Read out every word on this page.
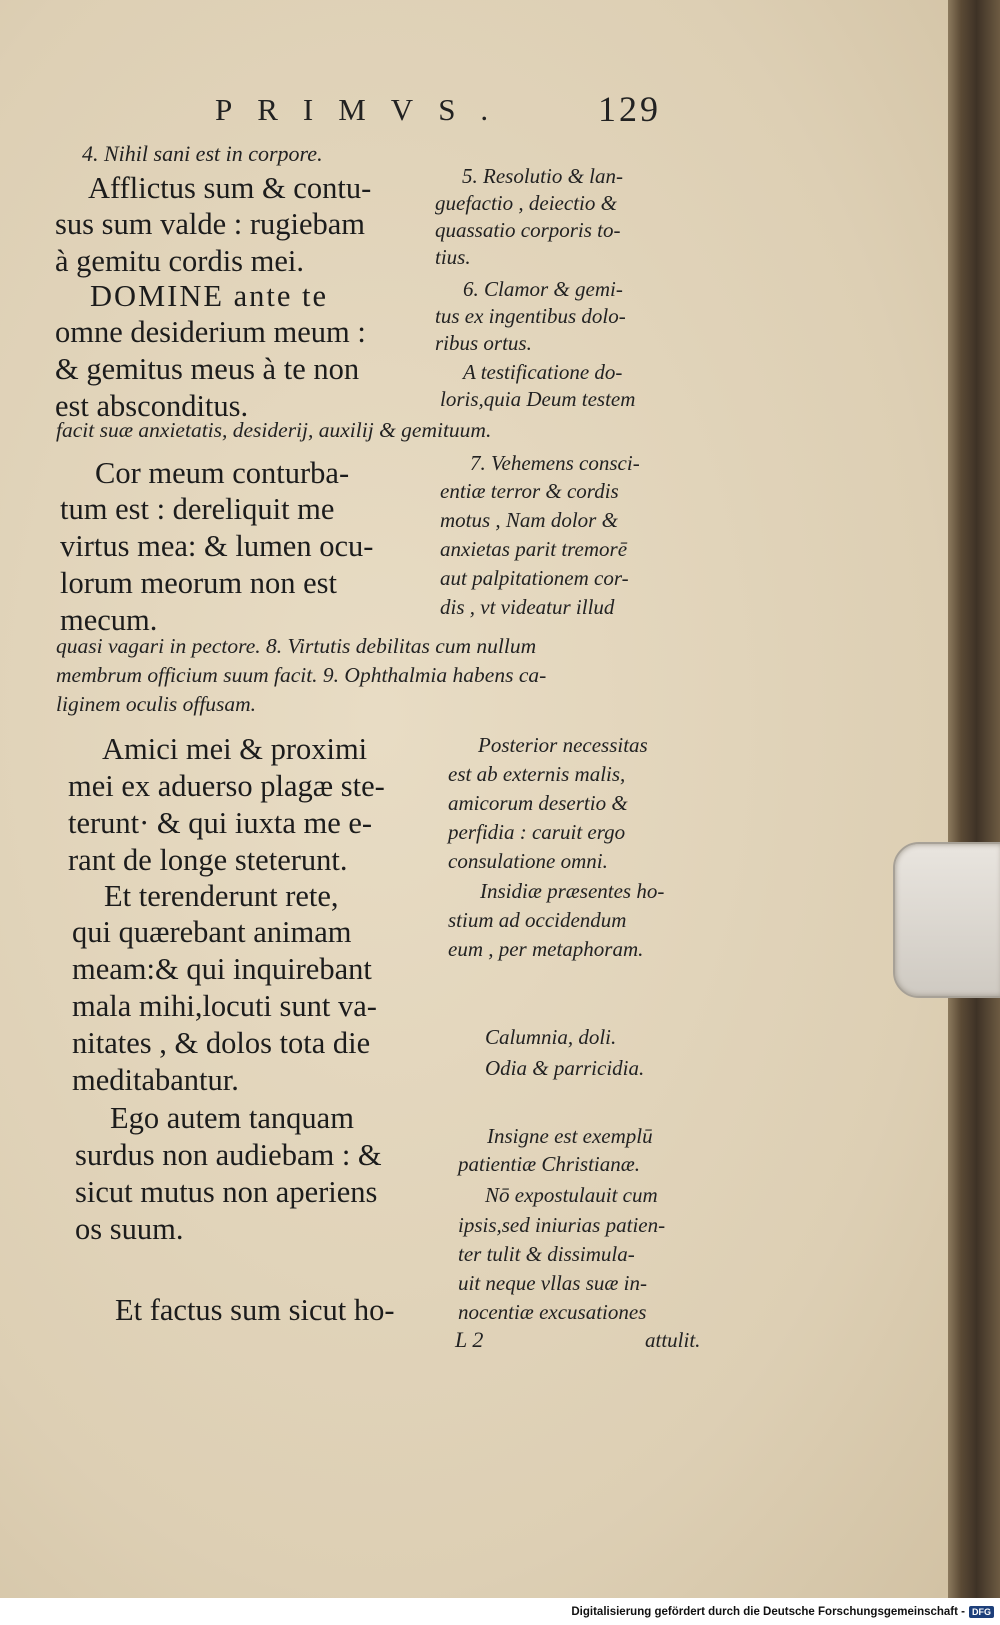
PRIMVS. 129
4. Nihil sani est in corpore.
Afflictus sum & contu-
sus sum valde : rugiebam
à gemitu cordis mei.
DOMINE ante te
omne desiderium meum :
& gemitus meus à te non
est absconditus.
5. Resolutio & lan-
guefactio , deiectio &
quassatio corporis to-
tius.
6. Clamor & gemi-
tus ex ingentibus dolo-
ribus ortus.
A testificatione do-
loris,quia Deum testem
facit suæ anxietatis, desiderij, auxilij & gemituum.
Cor meum conturba-
tum est : dereliquit me
virtus mea: & lumen ocu-
lorum meorum non est
mecum.
7. Vehemens consci-
entiæ terror & cordis
motus , Nam dolor &
anxietas parit tremorē
aut palpitationem cor-
dis , vt videatur illud
quasi vagari in pectore. 8. Virtutis debilitas cum nullum
membrum officium suum facit. 9. Ophthalmia habens ca-
liginem oculis offusam.
Amici mei & proximi
mei ex aduerso plagæ ste-
terunt· & qui iuxta me e-
rant de longe steterunt.
Posterior necessitas
est ab externis malis,
amicorum desertio &
perfidia : caruit ergo
consulatione omni.
Et terenderunt rete,
qui quærebant animam
meam:& qui inquirebant
mala mihi,locuti sunt va-
nitates , & dolos tota die
meditabantur.
Insidiæ præsentes ho-
stium ad occidendum
eum , per metaphoram.
Calumnia, doli.
Odia & parricidia.
Ego autem tanquam
surdus non audiebam : &
sicut mutus non aperiens
os suum.
Insigne est exemplū
patientiæ Christianæ.
Nō expostulauit cum
ipsis,sed iniurias patien-
ter tulit & dissimula-
uit neque vllas suæ in-
nocentiæ excusationes
attulit.
Et factus sum sicut ho-
L 2
Digitalisierung gefördert durch die Deutsche Forschungsgemeinschaft - DFG
